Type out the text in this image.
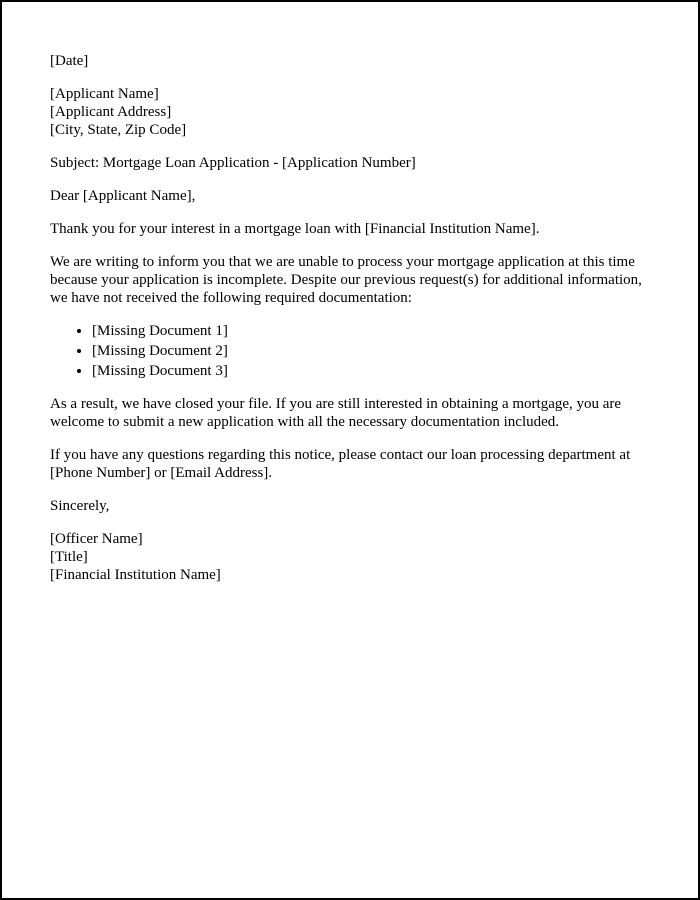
[Date]
[Applicant Name]
[Applicant Address]
[City, State, Zip Code]
Subject: Mortgage Loan Application - [Application Number]
Dear [Applicant Name],

Thank you for your interest in a mortgage loan with [Financial Institution Name].

We are writing to inform you that we are unable to process your mortgage application at this time because your application is incomplete. Despite our previous request(s) for additional information, we have not received the following required documentation:

• [Missing Document 1]
• [Missing Document 2]
• [Missing Document 3]

As a result, we have closed your file. If you are still interested in obtaining a mortgage, you are welcome to submit a new application with all the necessary documentation included.

If you have any questions regarding this notice, please contact our loan processing department at [Phone Number] or [Email Address].

Sincerely,
[Officer Name]
[Title]
[Financial Institution Name]
